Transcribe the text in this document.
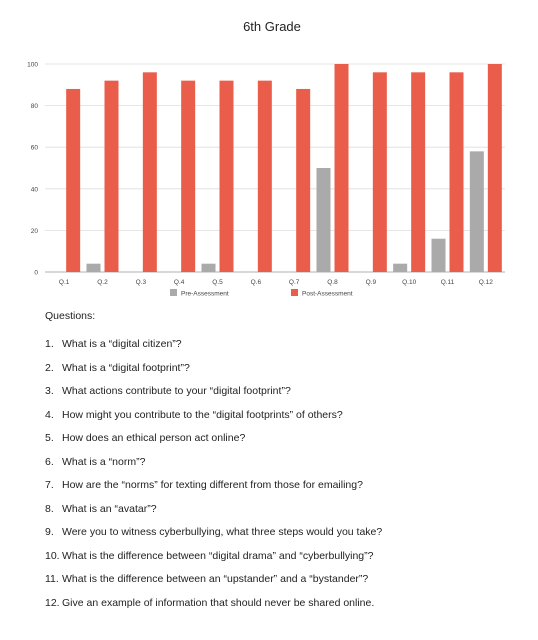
6th Grade
0
20
40
60
80
100
Q.1	Q.2	Q.3	Q.4	Q.5	Q.6	Q.7	Q.8	Q.9	Q.10	Q.11	Q.12
Pre-Assessment	Post-Assessment

Questions:

1. What is a “digital citizen”?
2. What is a “digital footprint”?
3. What actions contribute to your “digital footprint”?
4. How might you contribute to the “digital footprints” of others?
5. How does an ethical person act online?
6. What is a “norm”?
7. How are the “norms” for texting different from those for emailing?
8. What is an “avatar”?
9. Were you to witness cyberbullying, what three steps would you take?
10. What is the difference between “digital drama” and “cyberbullying”?
11. What is the difference between an “upstander” and a “bystander”?
12. Give an example of information that should never be shared online.
